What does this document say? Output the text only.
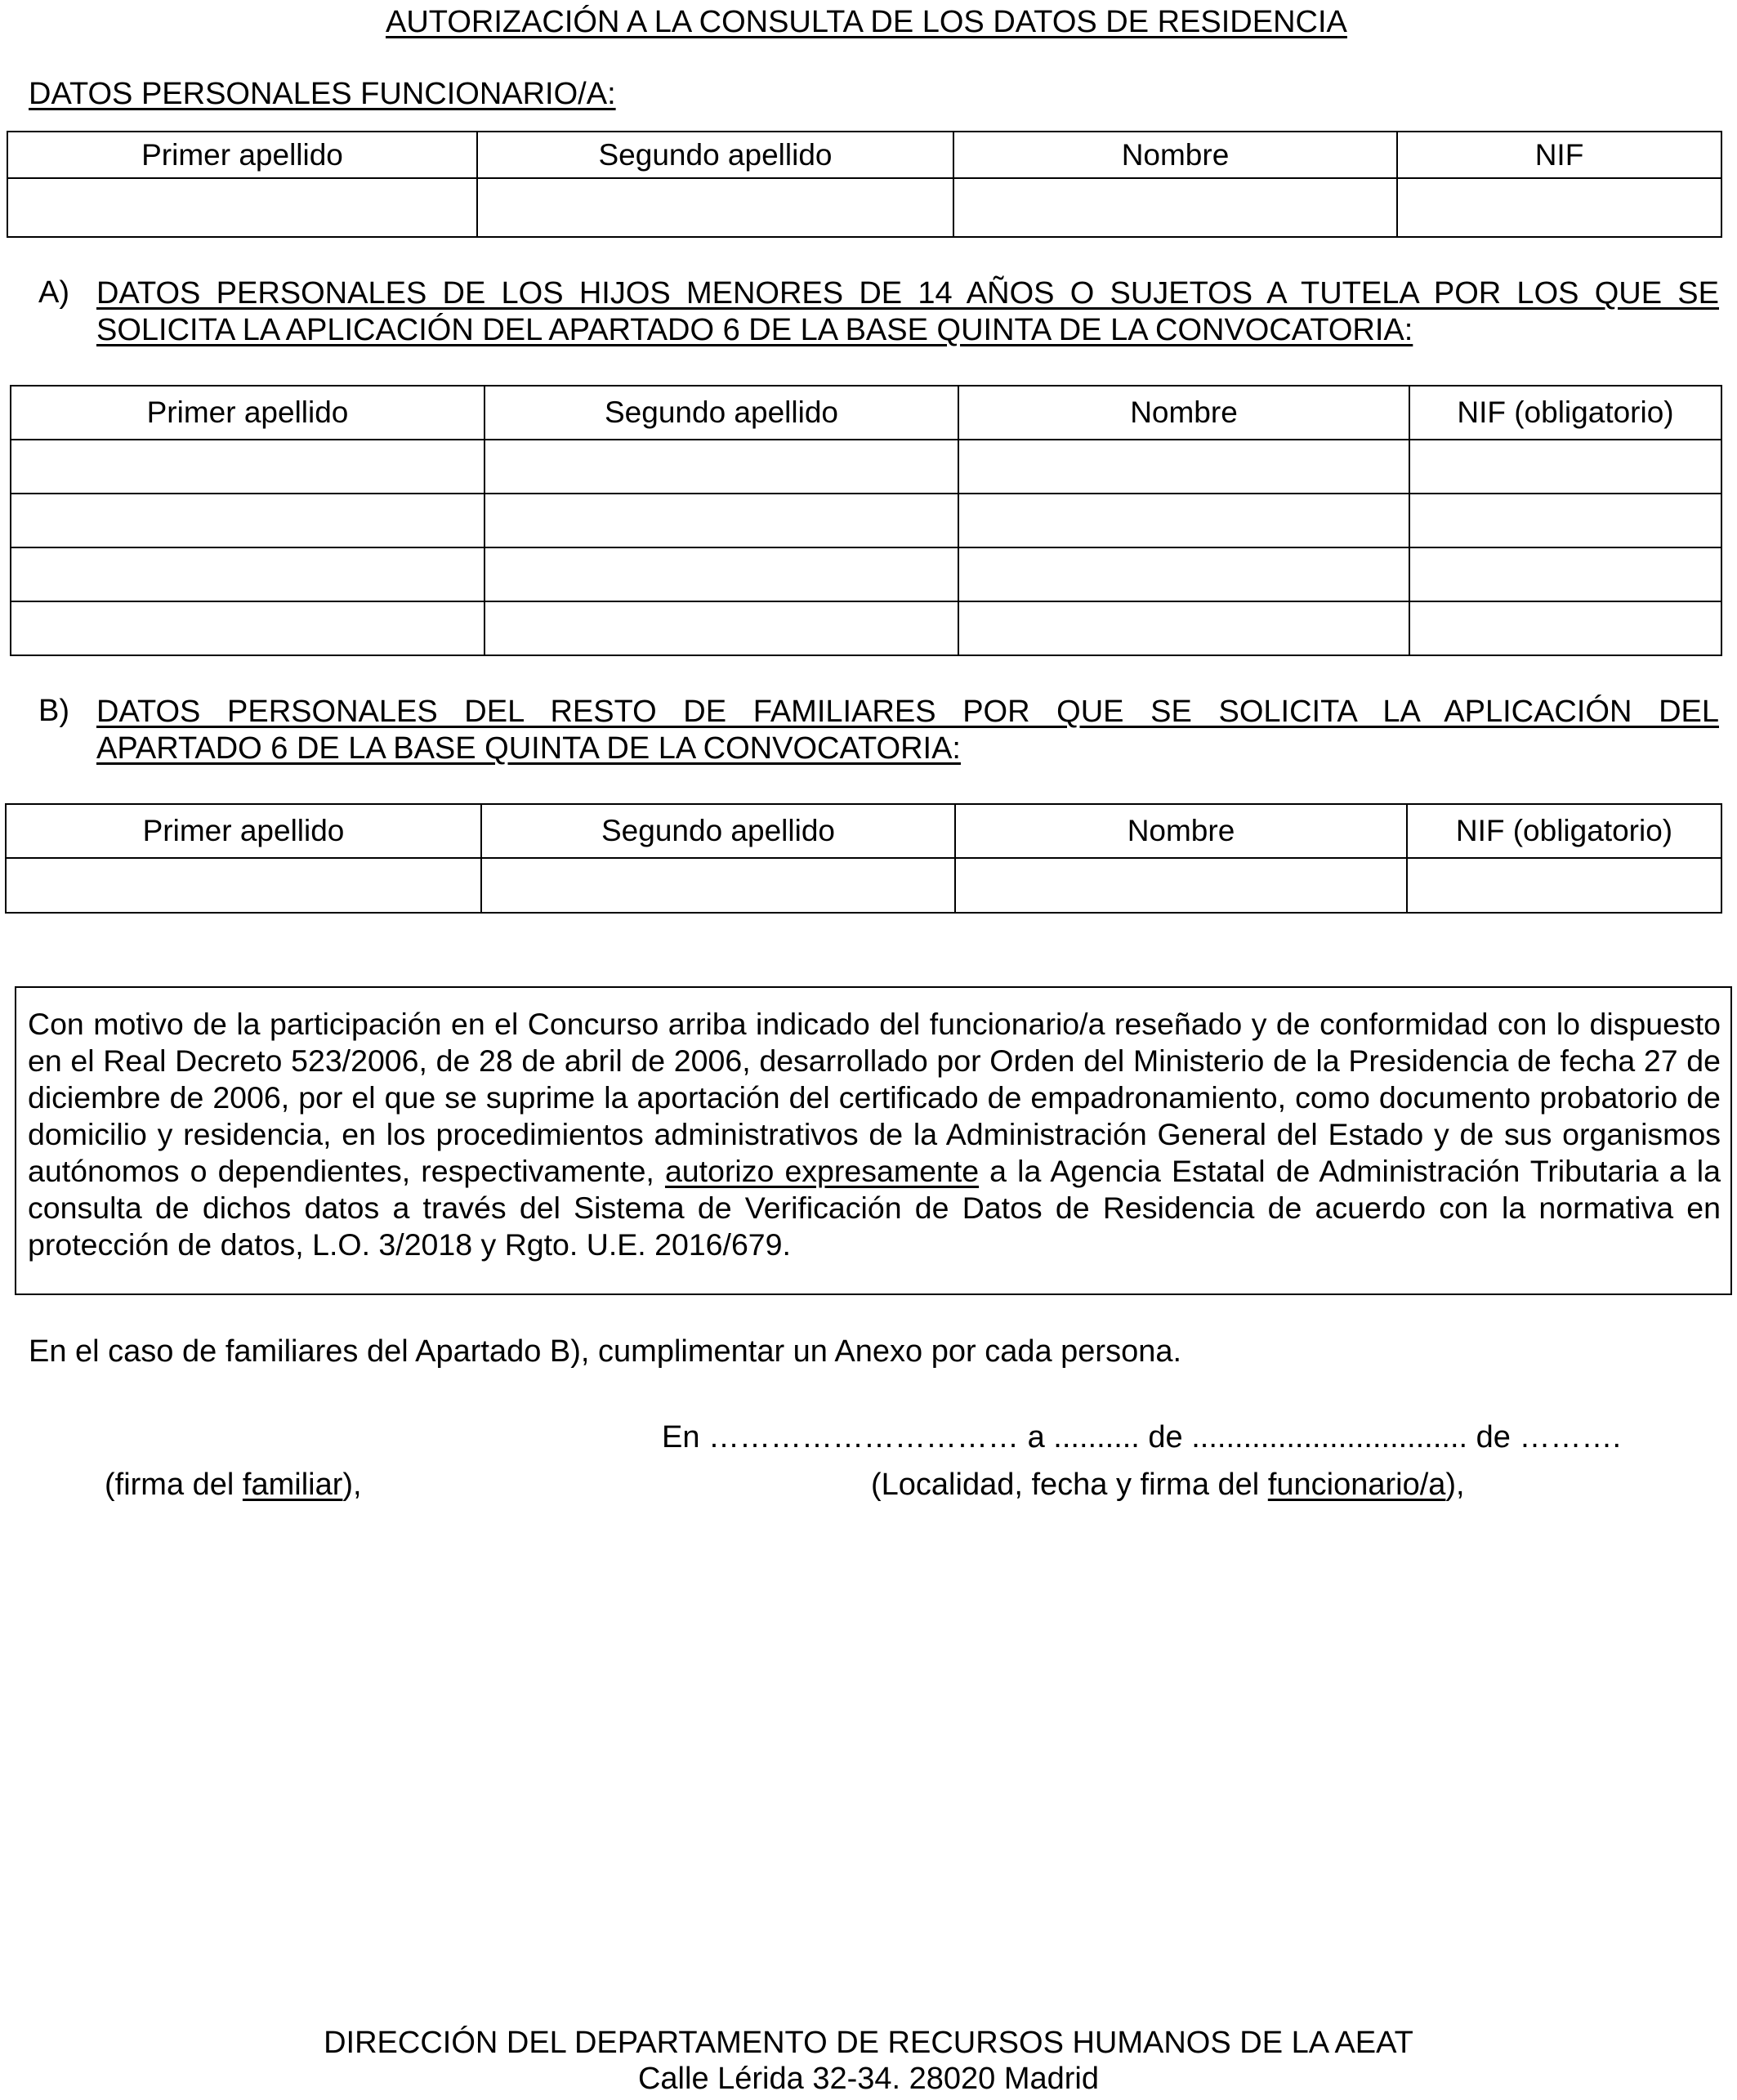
AUTORIZACIÓN A LA CONSULTA DE LOS DATOS DE RESIDENCIA
DATOS PERSONALES FUNCIONARIO/A:
Primer apellido	Segundo apellido	Nombre	NIF

A) DATOS PERSONALES DE LOS HIJOS MENORES DE 14 AÑOS O SUJETOS A TUTELA POR LOS QUE SE

SOLICITA LA APLICACIÓN DEL APARTADO 6 DE LA BASE QUINTA DE LA CONVOCATORIA:
Primer apellido	Segundo apellido	Nombre	NIF (obligatorio)

B) DATOS PERSONALES DEL RESTO DE FAMILIARES POR QUE SE SOLICITA LA APLICACIÓN DEL

APARTADO 6 DE LA BASE QUINTA DE LA CONVOCATORIA:
Primer apellido	Segundo apellido	Nombre	NIF (obligatorio)

Con motivo de la participación en el Concurso arriba indicado del funcionario/a reseñado y de conformidad con lo dispuesto en el Real Decreto 523/2006, de 28 de abril de 2006, desarrollado por Orden del Ministerio de la Presidencia de fecha 27 de diciembre de 2006, por el que se suprime la aportación del certificado de empadronamiento, como documento probatorio de domicilio y residencia, en los procedimientos administrativos de la Administración General del Estado y de sus organismos autónomos o dependientes, respectivamente, autorizo expresamente a la Agencia Estatal de Administración Tributaria a la consulta de dichos datos a través del Sistema de Verificación de Datos de Residencia de acuerdo con la normativa en protección de datos, L.O. 3/2018 y Rgto. U.E. 2016/679.

En el caso de familiares del Apartado B), cumplimentar un Anexo por cada persona.
En ………………………… a .......... de ................................ de ……….
(firma del familiar),	(Localidad, fecha y firma del funcionario/a),
DIRECCIÓN DEL DEPARTAMENTO DE RECURSOS HUMANOS DE LA AEAT
Calle Lérida 32-34. 28020 Madrid
